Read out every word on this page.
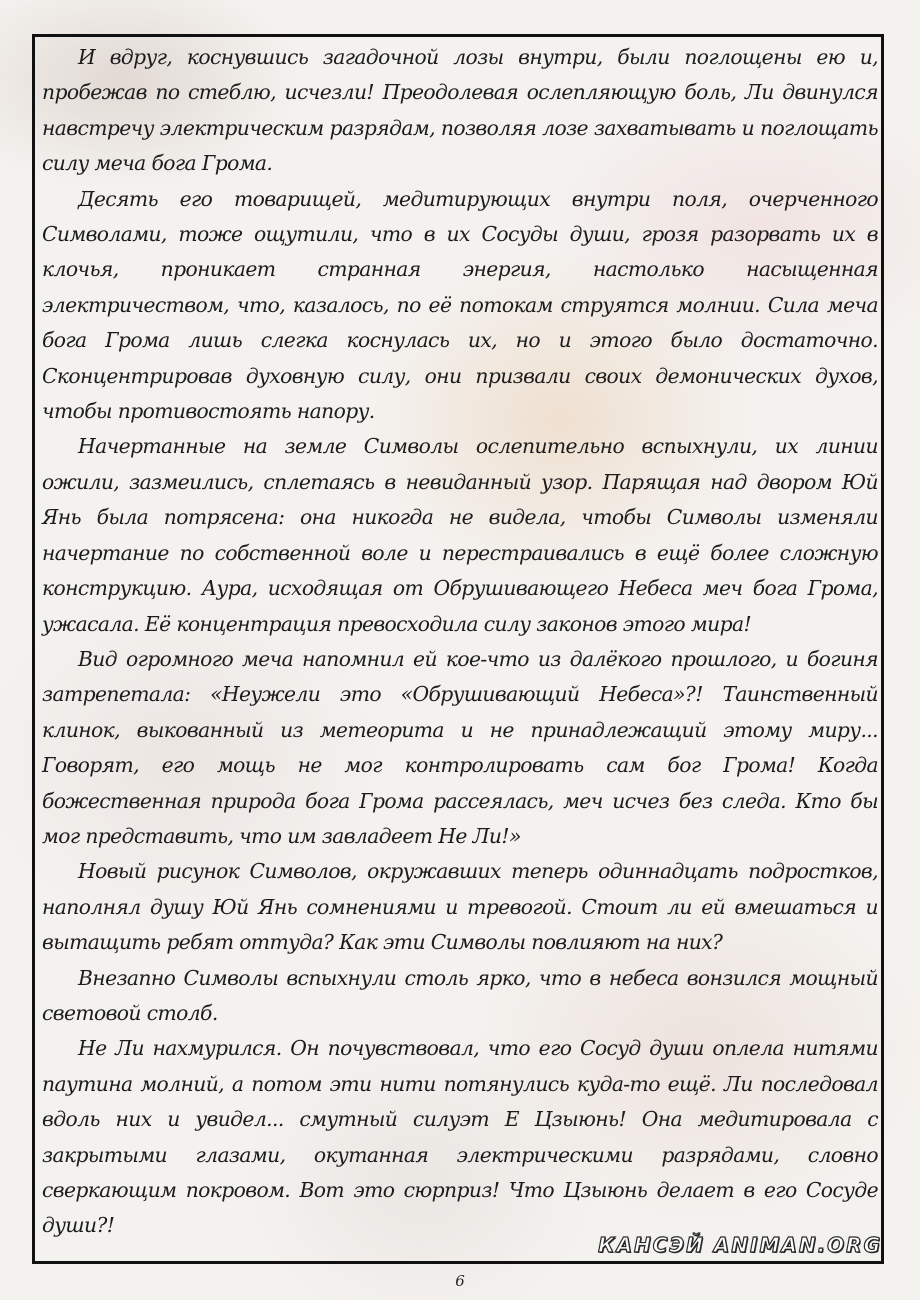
И вдруг, коснувшись загадочной лозы внутри, были поглощены ею и, пробежав по стеблю, исчезли! Преодолевая ослепляющую боль, Ли двинулся навстречу электрическим разрядам, позволяя лозе захватывать и поглощать силу меча бога Грома.

Десять его товарищей, медитирующих внутри поля, очерченного Символами, тоже ощутили, что в их Сосуды души, грозя разорвать их в клочья, проникает странная энергия, настолько насыщенная электричеством, что, казалось, по её потокам струятся молнии. Сила меча бога Грома лишь слегка коснулась их, но и этого было достаточно. Сконцентрировав духовную силу, они призвали своих демонических духов, чтобы противостоять напору.

Начертанные на земле Символы ослепительно вспыхнули, их линии ожили, зазмеились, сплетаясь в невиданный узор. Парящая над двором Юй Янь была потрясена: она никогда не видела, чтобы Символы изменяли начертание по собственной воле и перестраивались в ещё более сложную конструкцию. Аура, исходящая от Обрушивающего Небеса меч бога Грома, ужасала. Её концентрация превосходила силу законов этого мира!

Вид огромного меча напомнил ей кое-что из далёкого прошлого, и богиня затрепетала: «Неужели это «Обрушивающий Небеса»?! Таинственный клинок, выкованный из метеорита и не принадлежащий этому миру... Говорят, его мощь не мог контролировать сам бог Грома! Когда божественная природа бога Грома рассеялась, меч исчез без следа. Кто бы мог представить, что им завладеет Не Ли!»

Новый рисунок Символов, окружавших теперь одиннадцать подростков, наполнял душу Юй Янь сомнениями и тревогой. Стоит ли ей вмешаться и вытащить ребят оттуда? Как эти Символы повлияют на них?

Внезапно Символы вспыхнули столь ярко, что в небеса вонзился мощный световой столб.

Не Ли нахмурился. Он почувствовал, что его Сосуд души оплела нитями паутина молний, а потом эти нити потянулись куда-то ещё. Ли последовал вдоль них и увидел... смутный силуэт Е Цзыюнь! Она медитировала с закрытыми глазами, окутанная электрическими разрядами, словно сверкающим покровом. Вот это сюрприз! Что Цзыюнь делает в его Сосуде души?!

КАНСЭЙ ANIMAN.ORG
6
